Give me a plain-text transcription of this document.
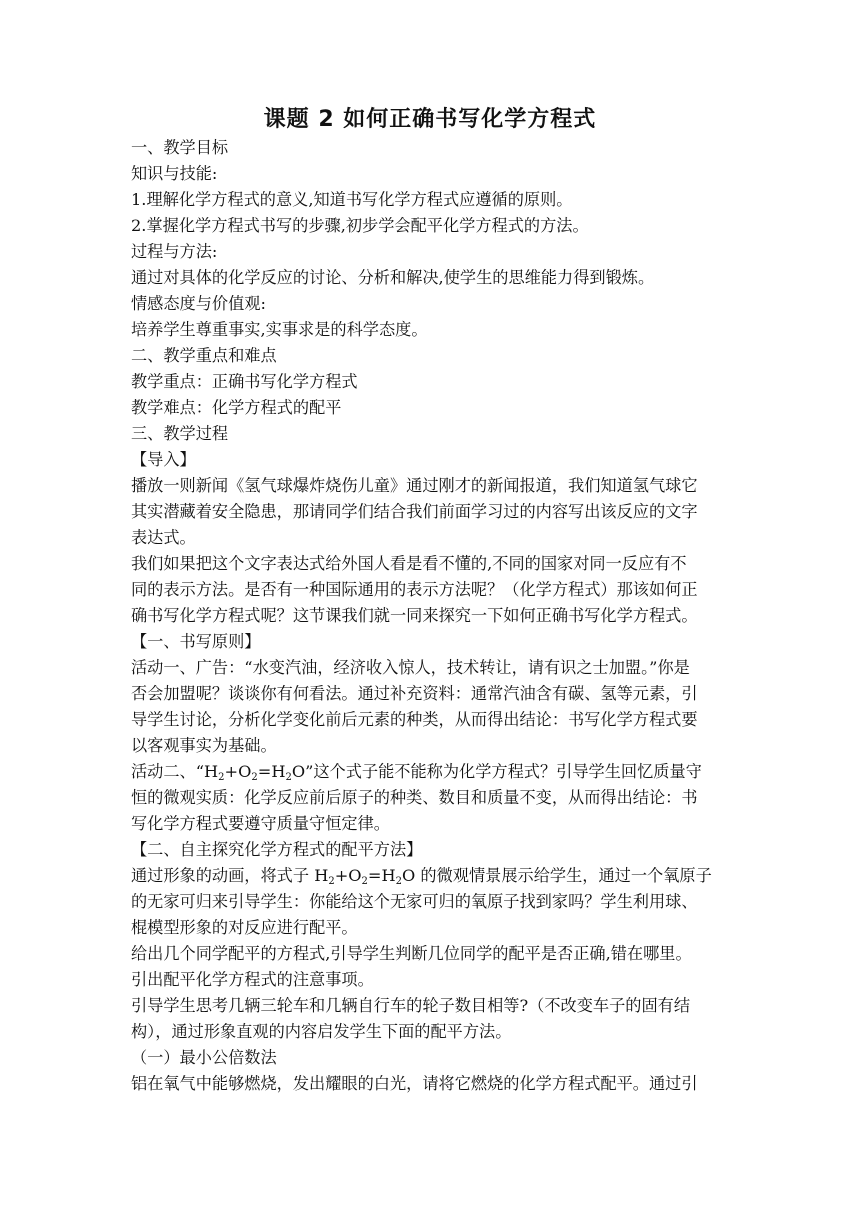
课题 2 如何正确书写化学方程式
一、教学目标
知识与技能:
1.理解化学方程式的意义,知道书写化学方程式应遵循的原则。
2.掌握化学方程式书写的步骤,初步学会配平化学方程式的方法。
过程与方法:
通过对具体的化学反应的讨论、分析和解决,使学生的思维能力得到锻炼。
情感态度与价值观:
培养学生尊重事实,实事求是的科学态度。
二、教学重点和难点
教学重点：正确书写化学方程式
教学难点：化学方程式的配平
三、教学过程
【导入】
播放一则新闻《氢气球爆炸烧伤儿童》通过刚才的新闻报道，我们知道氢气球它
其实潜藏着安全隐患，那请同学们结合我们前面学习过的内容写出该反应的文字
表达式。
我们如果把这个文字表达式给外国人看是看不懂的,不同的国家对同一反应有不
同的表示方法。是否有一种国际通用的表示方法呢？（化学方程式）那该如何正
确书写化学方程式呢？这节课我们就一同来探究一下如何正确书写化学方程式。
【一、书写原则】
活动一、广告：“水变汽油，经济收入惊人，技术转让，请有识之士加盟。”你是
否会加盟呢？谈谈你有何看法。通过补充资料：通常汽油含有碳、氢等元素，引
导学生讨论，分析化学变化前后元素的种类，从而得出结论：书写化学方程式要
以客观事实为基础。
活动二、“$H_2+O_2=H_2O$”这个式子能不能称为化学方程式？引导学生回忆质量守
恒的微观实质：化学反应前后原子的种类、数目和质量不变，从而得出结论：书
写化学方程式要遵守质量守恒定律。
【二、自主探究化学方程式的配平方法】
通过形象的动画，将式子 $H_2+O_2=H_2O$ 的微观情景展示给学生，通过一个氧原子
的无家可归来引导学生：你能给这个无家可归的氧原子找到家吗？学生利用球、
棍模型形象的对反应进行配平。
给出几个同学配平的方程式,引导学生判断几位同学的配平是否正确,错在哪里。
引出配平化学方程式的注意事项。
引导学生思考几辆三轮车和几辆自行车的轮子数目相等?（不改变车子的固有结
构），通过形象直观的内容启发学生下面的配平方法。
（一）最小公倍数法
铝在氧气中能够燃烧，发出耀眼的白光，请将它燃烧的化学方程式配平。通过引
